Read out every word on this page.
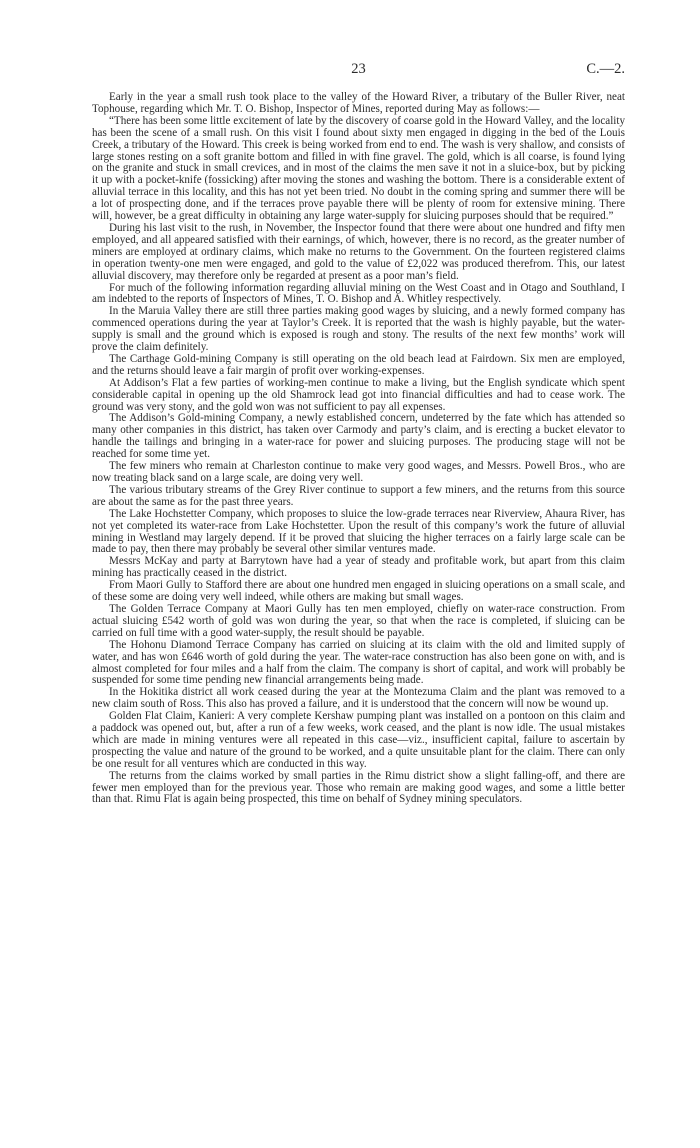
23	C.—2.

Early in the year a small rush took place to the valley of the Howard River, a tributary of the Buller River, neat Tophouse, regarding which Mr. T. O. Bishop, Inspector of Mines, reported during May as follows:—

“There has been some little excitement of late by the discovery of coarse gold in the Howard Valley, and the locality has been the scene of a small rush. On this visit I found about sixty men engaged in digging in the bed of the Louis Creek, a tributary of the Howard. This creek is being worked from end to end. The wash is very shallow, and consists of large stones resting on a soft granite bottom and filled in with fine gravel. The gold, which is all coarse, is found lying on the granite and stuck in small crevices, and in most of the claims the men save it not in a sluice-box, but by picking it up with a pocket-knife (fossicking) after moving the stones and washing the bottom. There is a considerable extent of alluvial terrace in this locality, and this has not yet been tried. No doubt in the coming spring and summer there will be a lot of prospecting done, and if the terraces prove payable there will be plenty of room for extensive mining. There will, however, be a great difficulty in obtaining any large water-supply for sluicing purposes should that be required.”

During his last visit to the rush, in November, the Inspector found that there were about one hundred and fifty men employed, and all appeared satisfied with their earnings, of which, however, there is no record, as the greater number of miners are employed at ordinary claims, which make no returns to the Government. On the fourteen registered claims in operation twenty-one men were engaged, and gold to the value of £2,022 was produced therefrom. This, our latest alluvial discovery, may therefore only be regarded at present as a poor man’s field.

For much of the following information regarding alluvial mining on the West Coast and in Otago and Southland, I am indebted to the reports of Inspectors of Mines, T. O. Bishop and A. Whitley respectively.

In the Maruia Valley there are still three parties making good wages by sluicing, and a newly formed company has commenced operations during the year at Taylor’s Creek. It is reported that the wash is highly payable, but the water-supply is small and the ground which is exposed is rough and stony. The results of the next few months’ work will prove the claim definitely.

The Carthage Gold-mining Company is still operating on the old beach lead at Fairdown. Six men are employed, and the returns should leave a fair margin of profit over working-expenses.

At Addison’s Flat a few parties of working-men continue to make a living, but the English syndicate which spent considerable capital in opening up the old Shamrock lead got into financial difficulties and had to cease work. The ground was very stony, and the gold won was not sufficient to pay all expenses.

The Addison’s Gold-mining Company, a newly established concern, undeterred by the fate which has attended so many other companies in this district, has taken over Carmody and party’s claim, and is erecting a bucket elevator to handle the tailings and bringing in a water-race for power and sluicing purposes. The producing stage will not be reached for some time yet.

The few miners who remain at Charleston continue to make very good wages, and Messrs. Powell Bros., who are now treating black sand on a large scale, are doing very well.

The various tributary streams of the Grey River continue to support a few miners, and the returns from this source are about the same as for the past three years.

The Lake Hochstetter Company, which proposes to sluice the low-grade terraces near Riverview, Ahaura River, has not yet completed its water-race from Lake Hochstetter. Upon the result of this company’s work the future of alluvial mining in Westland may largely depend. If it be proved that sluicing the higher terraces on a fairly large scale can be made to pay, then there may probably be several other similar ventures made.

Messrs McKay and party at Barrytown have had a year of steady and profitable work, but apart from this claim mining has practically ceased in the district.

From Maori Gully to Stafford there are about one hundred men engaged in sluicing operations on a small scale, and of these some are doing very well indeed, while others are making but small wages.

The Golden Terrace Company at Maori Gully has ten men employed, chiefly on water-race construction. From actual sluicing £542 worth of gold was won during the year, so that when the race is completed, if sluicing can be carried on full time with a good water-supply, the result should be payable.

The Hohonu Diamond Terrace Company has carried on sluicing at its claim with the old and limited supply of water, and has won £646 worth of gold during the year. The water-race construction has also been gone on with, and is almost completed for four miles and a half from the claim. The company is short of capital, and work will probably be suspended for some time pending new financial arrangements being made.

In the Hokitika district all work ceased during the year at the Montezuma Claim and the plant was removed to a new claim south of Ross. This also has proved a failure, and it is understood that the concern will now be wound up.

Golden Flat Claim, Kanieri: A very complete Kershaw pumping plant was installed on a pontoon on this claim and a paddock was opened out, but, after a run of a few weeks, work ceased, and the plant is now idle. The usual mistakes which are made in mining ventures were all repeated in this case—viz., insufficient capital, failure to ascertain by prospecting the value and nature of the ground to be worked, and a quite unsuitable plant for the claim. There can only be one result for all ventures which are conducted in this way.

The returns from the claims worked by small parties in the Rimu district show a slight falling-off, and there are fewer men employed than for the previous year. Those who remain are making good wages, and some a little better than that. Rimu Flat is again being prospected, this time on behalf of Sydney mining speculators.
